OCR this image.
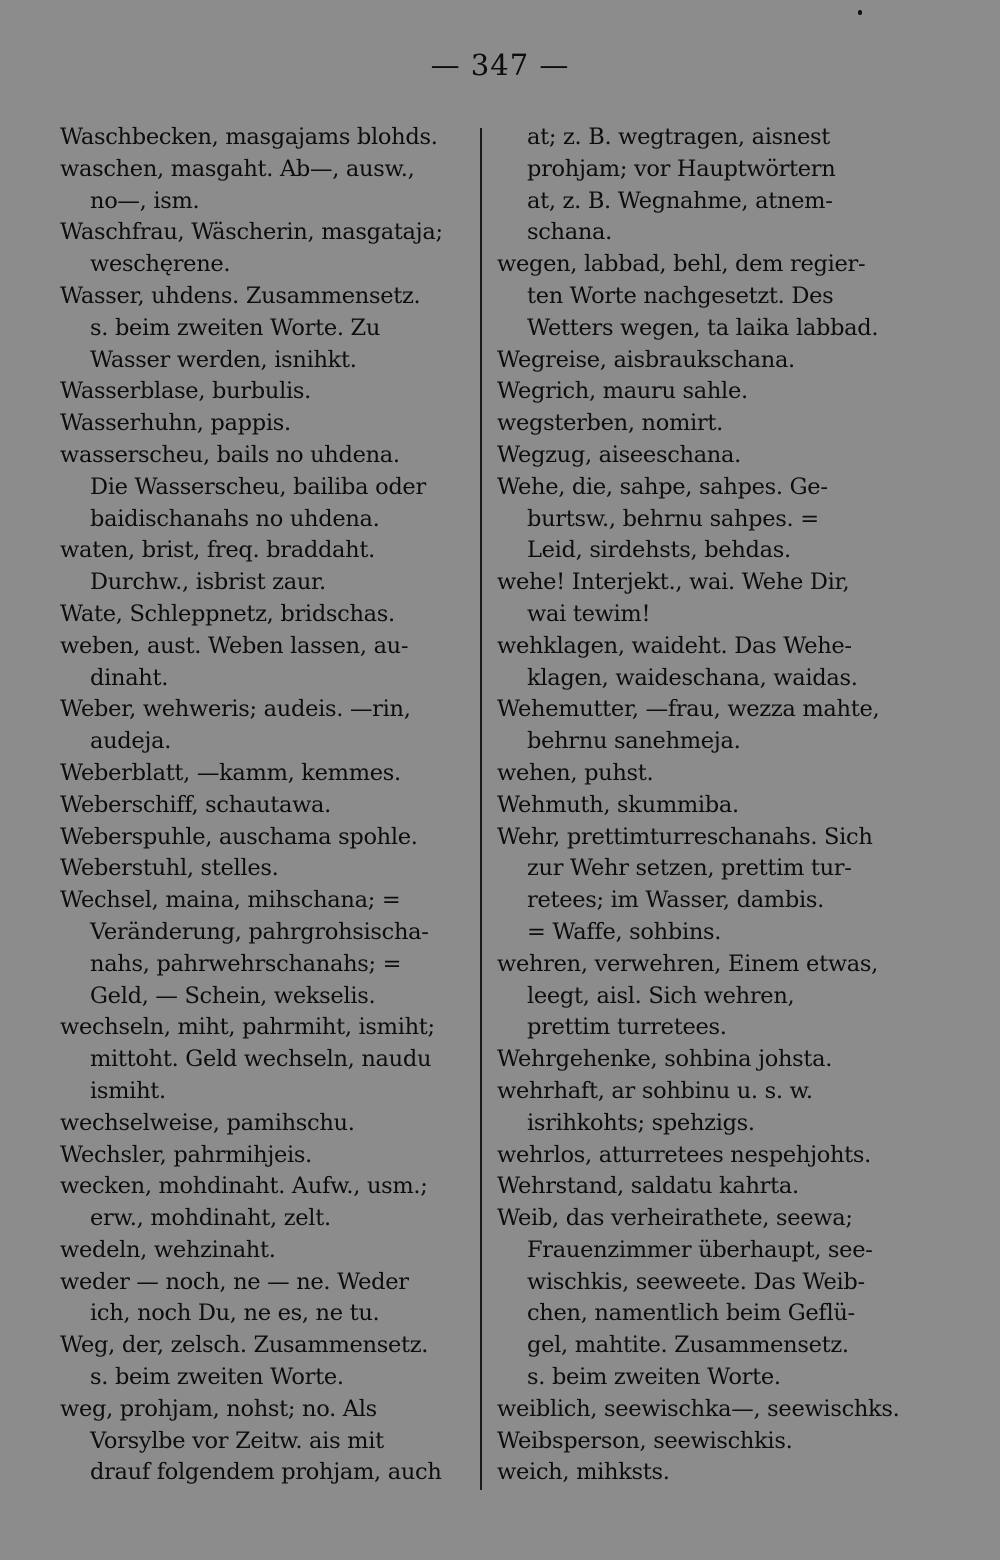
— 347 —
Waschbecken, masgajams blohds.
waschen, masgaht. Ab—, ausw.,
no—, ism.
Waschfrau, Wäscherin, masgataja;
weschęrene.
Wasser, uhdens. Zusammensetz.
s. beim zweiten Worte. Zu
Wasser werden, isnihkt.
Wasserblase, burbulis.
Wasserhuhn, pappis.
wasserscheu, bails no uhdena.
Die Wasserscheu, bailiba oder
baidischanahs no uhdena.
waten, brist, freq. braddaht.
Durchw., isbrist zaur.
Wate, Schleppnetz, bridschas.
weben, aust. Weben lassen, au-
dinaht.
Weber, wehweris; audeis. —rin,
audeja.
Weberblatt, —kamm, kemmes.
Weberschiff, schautawa.
Weberspuhle, auschama spohle.
Weberstuhl, stelles.
Wechsel, maina, mihschana; =
Veränderung, pahrgrohsischa-
nahs, pahrwehrschanahs; =
Geld, — Schein, wekselis.
wechseln, miht, pahrmiht, ismiht;
mittoht. Geld wechseln, naudu
ismiht.
wechselweise, pamihschu.
Wechsler, pahrmihjeis.
wecken, mohdinaht. Aufw., usm.;
erw., mohdinaht, zelt.
wedeln, wehzinaht.
weder — noch, ne — ne. Weder
ich, noch Du, ne es, ne tu.
Weg, der, zelsch. Zusammensetz.
s. beim zweiten Worte.
weg, prohjam, nohst; no. Als
Vorsylbe vor Zeitw. ais mit
drauf folgendem prohjam, auch
at; z. B. wegtragen, aisnest
prohjam; vor Hauptwörtern
at, z. B. Wegnahme, atnem-
schana.
wegen, labbad, behl, dem regier-
ten Worte nachgesetzt. Des
Wetters wegen, ta laika labbad.
Wegreise, aisbraukschana.
Wegrich, mauru sahle.
wegsterben, nomirt.
Wegzug, aiseeschana.
Wehe, die, sahpe, sahpes. Ge-
burtsw., behrnu sahpes. =
Leid, sirdehsts, behdas.
wehe! Interjekt., wai. Wehe Dir,
wai tewim!
wehklagen, waideht. Das Wehe-
klagen, waideschana, waidas.
Wehemutter, —frau, wezza mahte,
behrnu sanehmeja.
wehen, puhst.
Wehmuth, skummiba.
Wehr, prettimturreschanahs. Sich
zur Wehr setzen, prettim tur-
retees; im Wasser, dambis.
= Waffe, sohbins.
wehren, verwehren, Einem etwas,
leegt, aisl. Sich wehren,
prettim turretees.
Wehrgehenke, sohbina johsta.
wehrhaft, ar sohbinu u. s. w.
isrihkohts; spehzigs.
wehrlos, atturretees nespehjohts.
Wehrstand, saldatu kahrta.
Weib, das verheirathete, seewa;
Frauenzimmer überhaupt, see-
wischkis, seeweete. Das Weib-
chen, namentlich beim Geflü-
gel, mahtite. Zusammensetz.
s. beim zweiten Worte.
weiblich, seewischka—, seewischks.
Weibsperson, seewischkis.
weich, mihksts.
